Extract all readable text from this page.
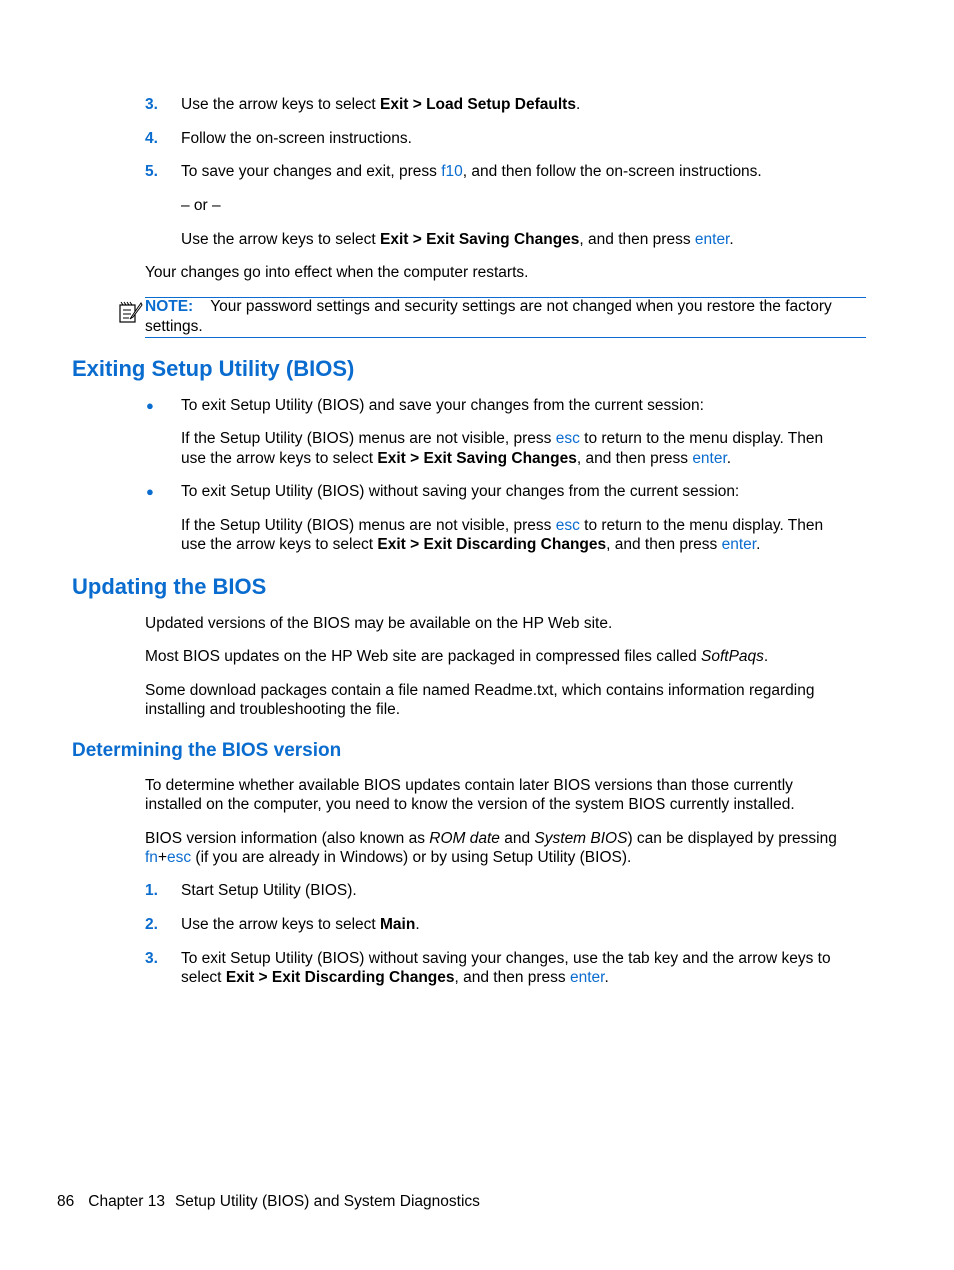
3. Use the arrow keys to select Exit > Load Setup Defaults.
4. Follow the on-screen instructions.
5. To save your changes and exit, press f10, and then follow the on-screen instructions.
– or –
Use the arrow keys to select Exit > Exit Saving Changes, and then press enter.
Your changes go into effect when the computer restarts.
NOTE: Your password settings and security settings are not changed when you restore the factory
settings.
Exiting Setup Utility (BIOS)
● To exit Setup Utility (BIOS) and save your changes from the current session:
If the Setup Utility (BIOS) menus are not visible, press esc to return to the menu display. Then
use the arrow keys to select Exit > Exit Saving Changes, and then press enter.
● To exit Setup Utility (BIOS) without saving your changes from the current session:
If the Setup Utility (BIOS) menus are not visible, press esc to return to the menu display. Then
use the arrow keys to select Exit > Exit Discarding Changes, and then press enter.
Updating the BIOS
Updated versions of the BIOS may be available on the HP Web site.
Most BIOS updates on the HP Web site are packaged in compressed files called SoftPaqs.
Some download packages contain a file named Readme.txt, which contains information regarding
installing and troubleshooting the file.
Determining the BIOS version
To determine whether available BIOS updates contain later BIOS versions than those currently
installed on the computer, you need to know the version of the system BIOS currently installed.
BIOS version information (also known as ROM date and System BIOS) can be displayed by pressing
fn+esc (if you are already in Windows) or by using Setup Utility (BIOS).
1. Start Setup Utility (BIOS).
2. Use the arrow keys to select Main.
3. To exit Setup Utility (BIOS) without saving your changes, use the tab key and the arrow keys to
select Exit > Exit Discarding Changes, and then press enter.
86 Chapter 13 Setup Utility (BIOS) and System Diagnostics
